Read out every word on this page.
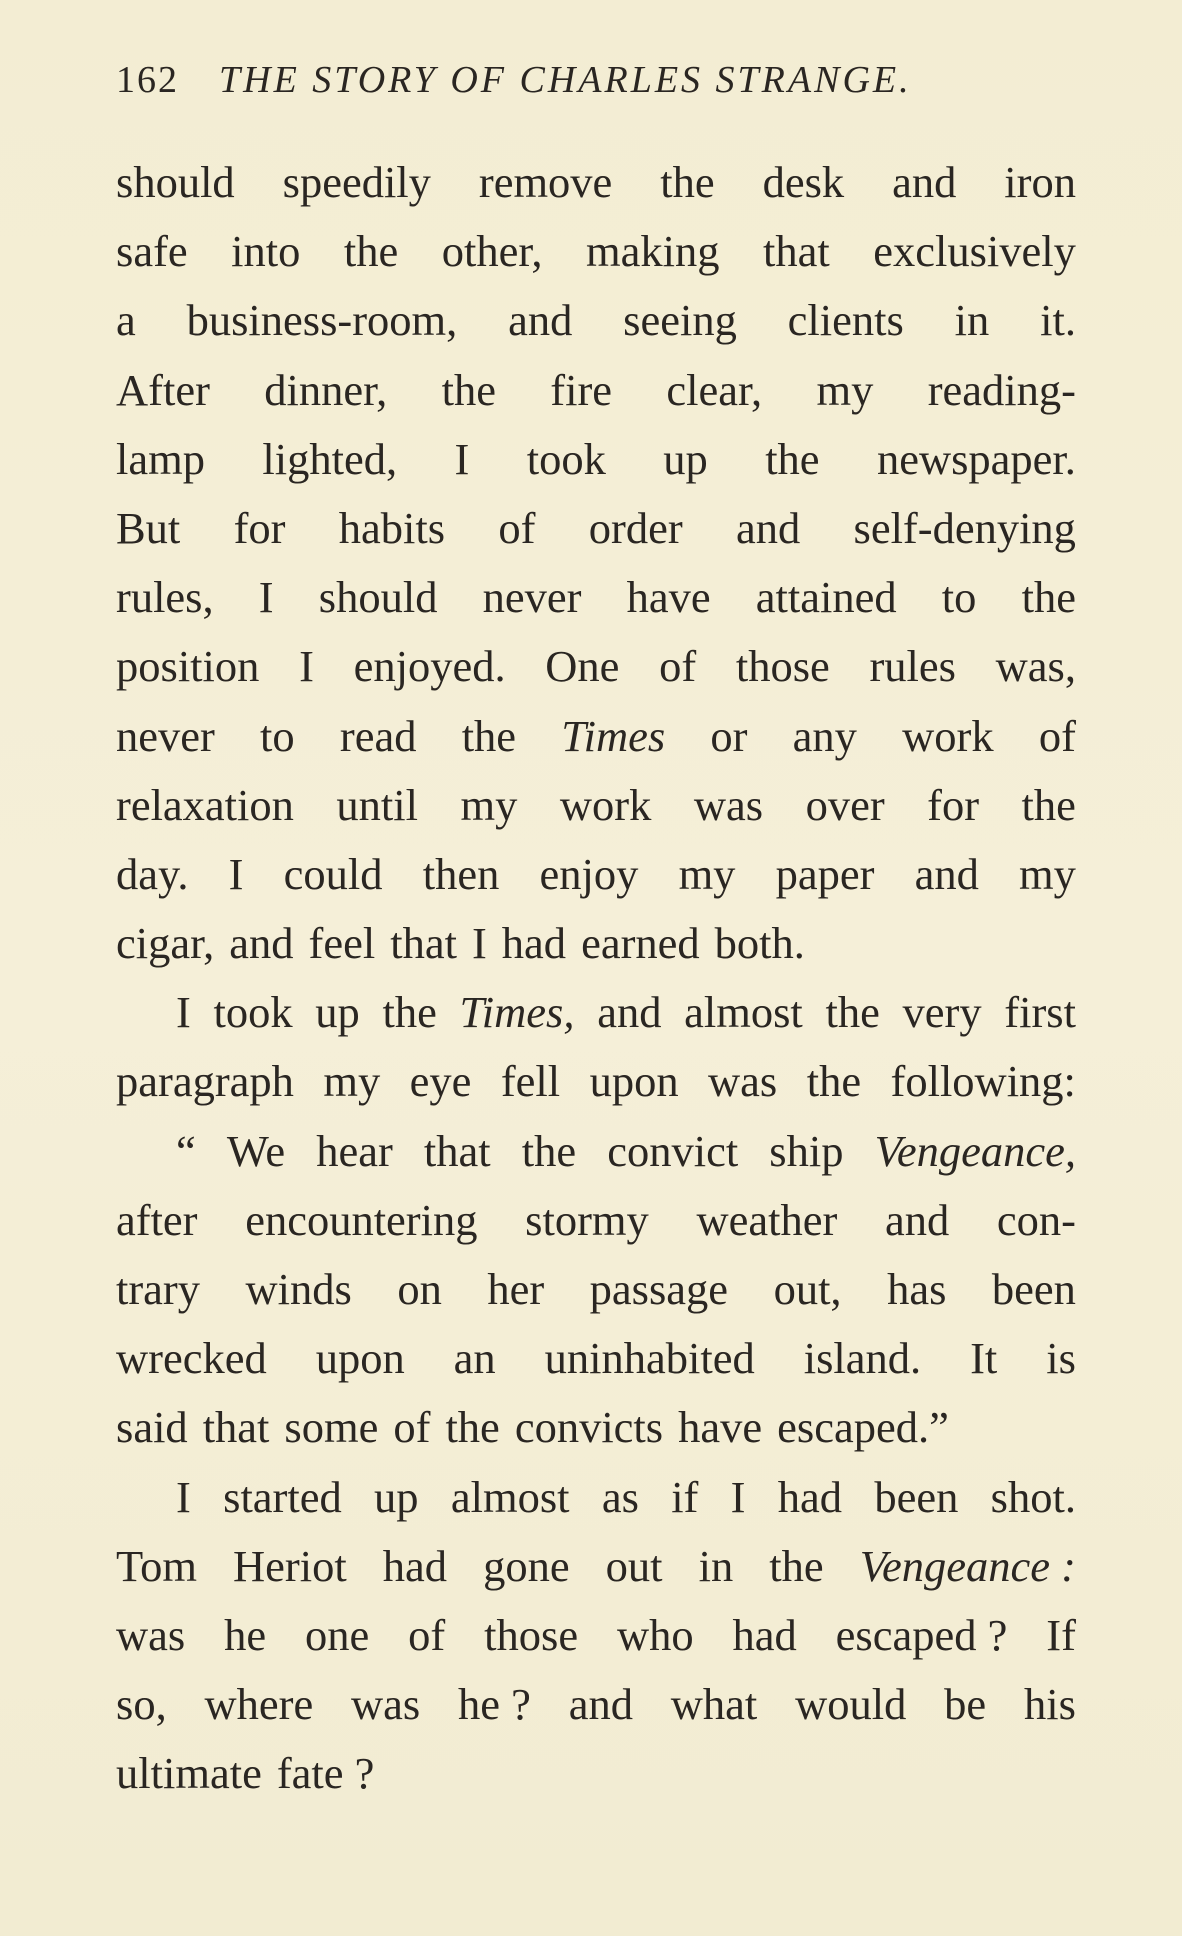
162 THE STORY OF CHARLES STRANGE.
should speedily remove the desk and iron
safe into the other, making that exclusively
a business-room, and seeing clients in it.
After dinner, the fire clear, my reading-
lamp lighted, I took up the newspaper.
But for habits of order and self-denying
rules, I should never have attained to the
position I enjoyed. One of those rules was,
never to read the Times or any work of
relaxation until my work was over for the
day. I could then enjoy my paper and my
cigar, and feel that I had earned both.
I took up the Times, and almost the very first
paragraph my eye fell upon was the following:
“ We hear that the convict ship Vengeance,
after encountering stormy weather and con-
trary winds on her passage out, has been
wrecked upon an uninhabited island. It is
said that some of the convicts have escaped.”
I started up almost as if I had been shot.
Tom Heriot had gone out in the Vengeance :
was he one of those who had escaped ? If
so, where was he ? and what would be his
ultimate fate ?
